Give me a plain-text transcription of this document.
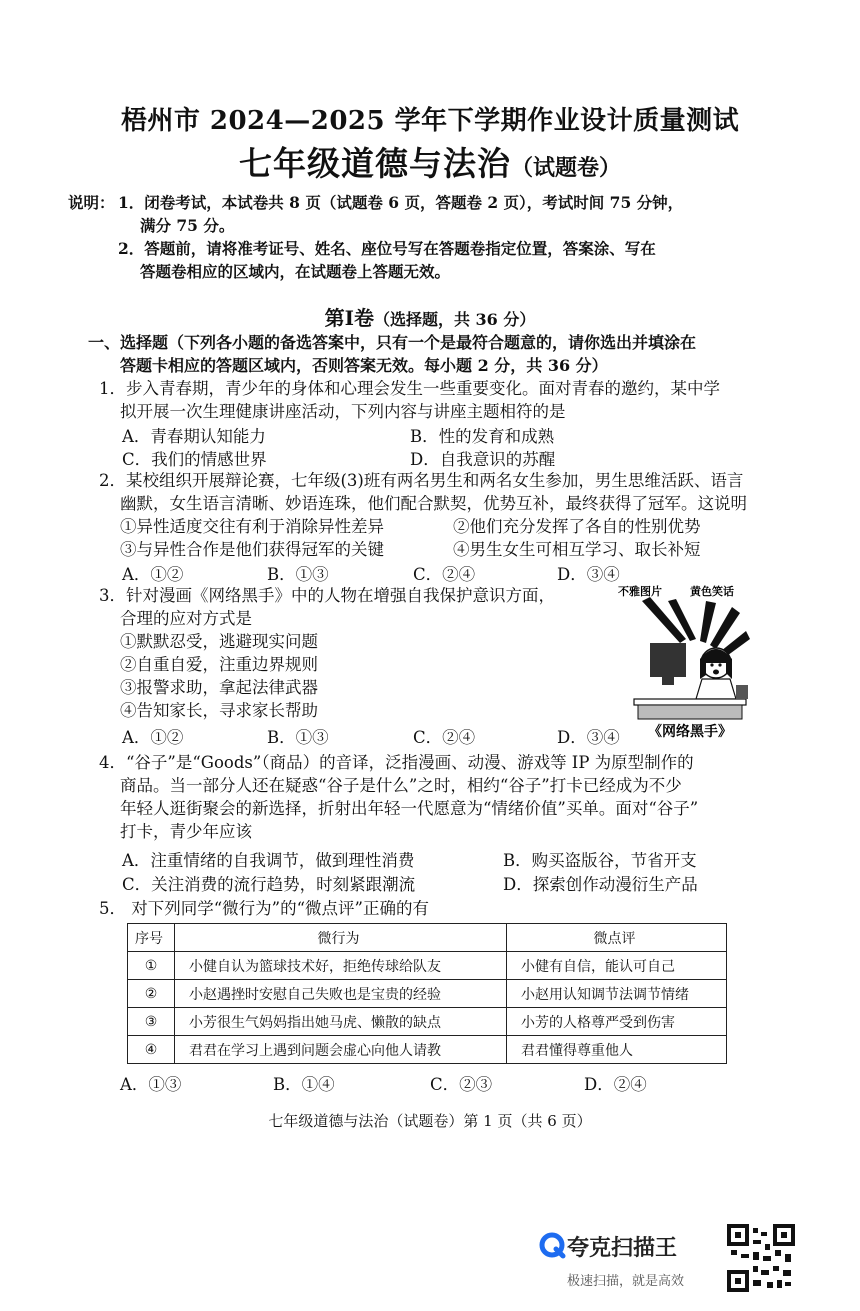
梧州市 2024—2025 学年下学期作业设计质量测试
七年级道德与法治（试题卷）
说明： 1．闭卷考试，本试卷共 8 页（试题卷 6 页，答题卷 2 页），考试时间 75 分钟，
满分 75 分。
2．答题前，请将准考证号、姓名、座位号写在答题卷指定位置，答案涂、写在
答题卷相应的区域内，在试题卷上答题无效。
第Ⅰ卷（选择题，共 36 分）
一、选择题（下列各小题的备选答案中，只有一个是最符合题意的，请你选出并填涂在
答题卡相应的答题区域内，否则答案无效。每小题 2 分，共 36 分）
1．步入青春期，青少年的身体和心理会发生一些重要变化。面对青春的邀约，某中学
拟开展一次生理健康讲座活动，下列内容与讲座主题相符的是
A．青春期认知能力	B．性的发育和成熟
C．我们的情感世界	D．自我意识的苏醒
2．某校组织开展辩论赛，七年级(3)班有两名男生和两名女生参加，男生思维活跃、语言
幽默，女生语言清晰、妙语连珠，他们配合默契，优势互补，最终获得了冠军。这说明
①异性适度交往有利于消除异性差异	②他们充分发挥了各自的性别优势
③与异性合作是他们获得冠军的关键	④男生女生可相互学习、取长补短
A．①②	B．①③	C．②④	D．③④
3．针对漫画《网络黑手》中的人物在增强自我保护意识方面，
合理的应对方式是
①默默忍受，逃避现实问题
②自重自爱，注重边界规则
③报警求助，拿起法律武器
④告知家长，寻求家长帮助
A．①②	B．①③	C．②④	D．③④
不雅图片	黄色笑话
《网络黑手》
4．“谷子”是“Goods”（商品）的音译，泛指漫画、动漫、游戏等 IP 为原型制作的
商品。当一部分人还在疑惑“谷子是什么”之时，相约“谷子”打卡已经成为不少
年轻人逛街聚会的新选择，折射出年轻一代愿意为“情绪价值”买单。面对“谷子”
打卡，青少年应该
A．注重情绪的自我调节，做到理性消费	B．购买盗版谷，节省开支
C．关注消费的流行趋势，时刻紧跟潮流	D．探索创作动漫衍生产品
5． 对下列同学“微行为”的“微点评”正确的有
序号	微行为	微点评
①	小健自认为篮球技术好，拒绝传球给队友	小健有自信，能认可自己
②	小赵遇挫时安慰自己失败也是宝贵的经验	小赵用认知调节法调节情绪
③	小芳很生气妈妈指出她马虎、懒散的缺点	小芳的人格尊严受到伤害
④	君君在学习上遇到问题会虚心向他人请教	君君懂得尊重他人
A．①③	B．①④	C．②③	D．②④
七年级道德与法治（试题卷）第 1 页（共 6 页）
夸克扫描王
极速扫描，就是高效
